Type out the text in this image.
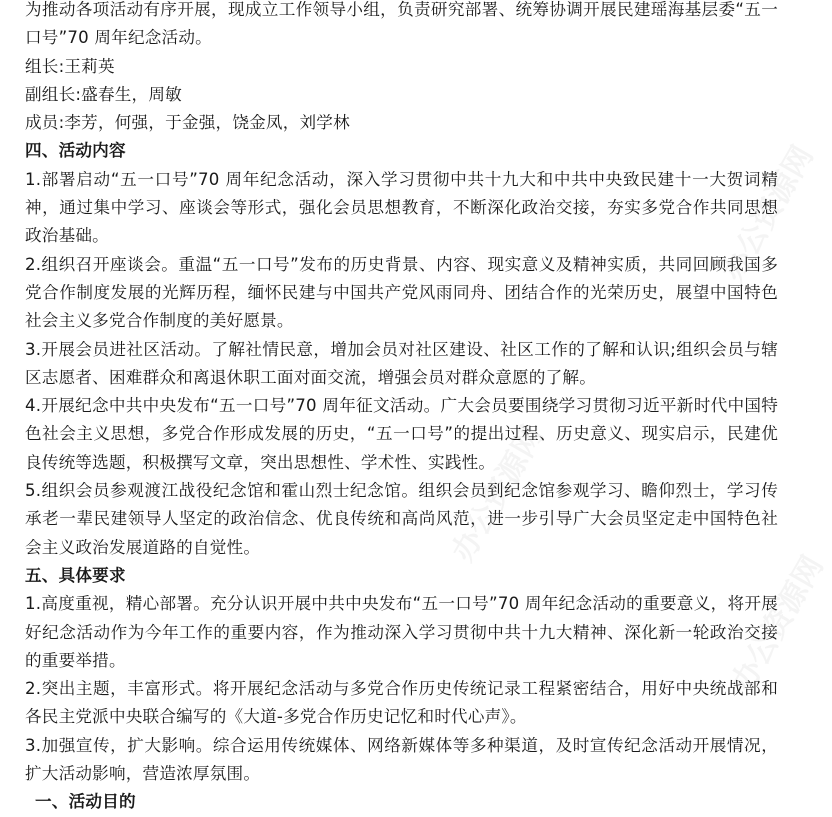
为推动各项活动有序开展，现成立工作领导小组，负责研究部署、统筹协调开展民建瑶海基层委“五一口号”70 周年纪念活动。

组长:王莉英

副组长:盛春生，周敏

成员:李芳，何强，于金强，饶金凤，刘学林

四、活动内容

1.部署启动“五一口号”70 周年纪念活动，深入学习贯彻中共十九大和中共中央致民建十一大贺词精神，通过集中学习、座谈会等形式，强化会员思想教育，不断深化政治交接，夯实多党合作共同思想政治基础。

2.组织召开座谈会。重温“五一口号”发布的历史背景、内容、现实意义及精神实质，共同回顾我国多党合作制度发展的光辉历程，缅怀民建与中国共产党风雨同舟、团结合作的光荣历史，展望中国特色社会主义多党合作制度的美好愿景。

3.开展会员进社区活动。了解社情民意，增加会员对社区建设、社区工作的了解和认识;组织会员与辖区志愿者、困难群众和离退休职工面对面交流，增强会员对群众意愿的了解。

4.开展纪念中共中央发布“五一口号”70 周年征文活动。广大会员要围绕学习贯彻习近平新时代中国特色社会主义思想，多党合作形成发展的历史，“五一口号”的提出过程、历史意义、现实启示，民建优良传统等选题，积极撰写文章，突出思想性、学术性、实践性。

5.组织会员参观渡江战役纪念馆和霍山烈士纪念馆。组织会员到纪念馆参观学习、瞻仰烈士，学习传承老一辈民建领导人坚定的政治信念、优良传统和高尚风范，进一步引导广大会员坚定走中国特色社会主义政治发展道路的自觉性。

五、具体要求

1.高度重视，精心部署。充分认识开展中共中央发布“五一口号”70 周年纪念活动的重要意义，将开展好纪念活动作为今年工作的重要内容，作为推动深入学习贯彻中共十九大精神、深化新一轮政治交接的重要举措。

2.突出主题，丰富形式。将开展纪念活动与多党合作历史传统记录工程紧密结合，用好中央统战部和各民主党派中央联合编写的《大道-多党合作历史记忆和时代心声》。

3.加强宣传，扩大影响。综合运用传统媒体、网络新媒体等多种渠道，及时宣传纪念活动开展情况，扩大活动影响，营造浓厚氛围。

一、活动目的

办公资源网
办公资源网
办公资源网
